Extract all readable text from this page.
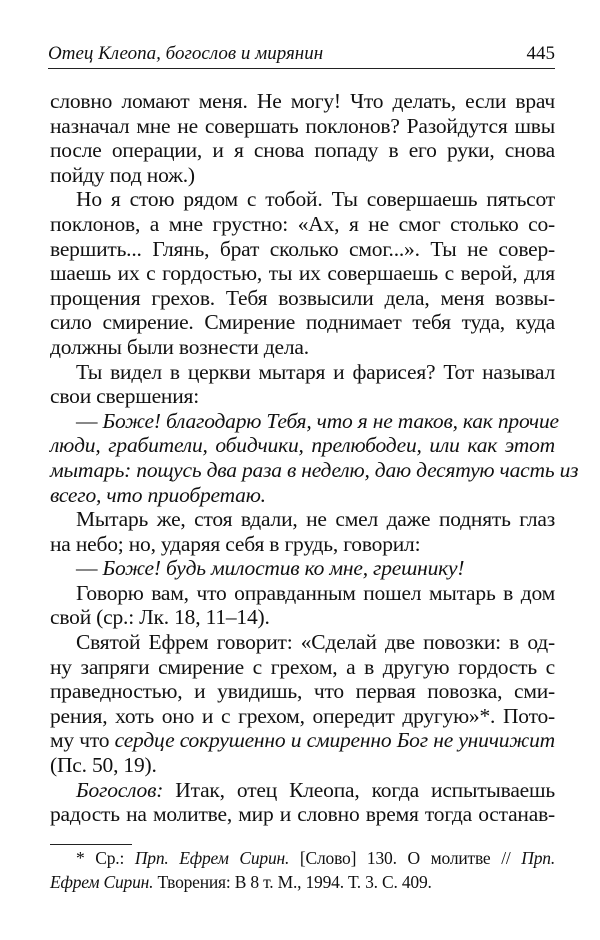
Отец Клеопа, богослов и мирянин	445
словно ломают меня. Не могу! Что делать, если врач
назначал мне не совершать поклонов? Разойдутся швы
после операции, и я снова попаду в его руки, снова
пойду под нож.)
Но я стою рядом с тобой. Ты совершаешь пятьсот
поклонов, а мне грустно: «Ах, я не смог столько со-
вершить... Глянь, брат сколько смог...». Ты не совер-
шаешь их с гордостью, ты их совершаешь с верой, для
прощения грехов. Тебя возвысили дела, меня возвы-
сило смирение. Смирение поднимает тебя туда, куда
должны были вознести дела.
Ты видел в церкви мытаря и фарисея? Тот называл
свои свершения:
— Боже! благодарю Тебя, что я не таков, как прочие
люди, грабители, обидчики, прелюбодеи, или как этот
мытарь: пощусь два раза в неделю, даю десятую часть из
всего, что приобретаю.
Мытарь же, стоя вдали, не смел даже поднять глаз
на небо; но, ударяя себя в грудь, говорил:
— Боже! будь милостив ко мне, грешнику!
Говорю вам, что оправданным пошел мытарь в дом
свой (ср.: Лк. 18, 11–14).
Святой Ефрем говорит: «Сделай две повозки: в од-
ну запряги смирение с грехом, а в другую гордость с
праведностью, и увидишь, что первая повозка, сми-
рения, хоть оно и с грехом, опередит другую»*. Пото-
му что сердце сокрушенно и смиренно Бог не уничижит
(Пс. 50, 19).
Богослов: Итак, отец Клеопа, когда испытываешь
радость на молитве, мир и словно время тогда останав-
* Ср.: Прп. Ефрем Сирин. [Слово] 130. О молитве // Прп.
Ефрем Сирин. Творения: В 8 т. М., 1994. Т. 3. С. 409.
